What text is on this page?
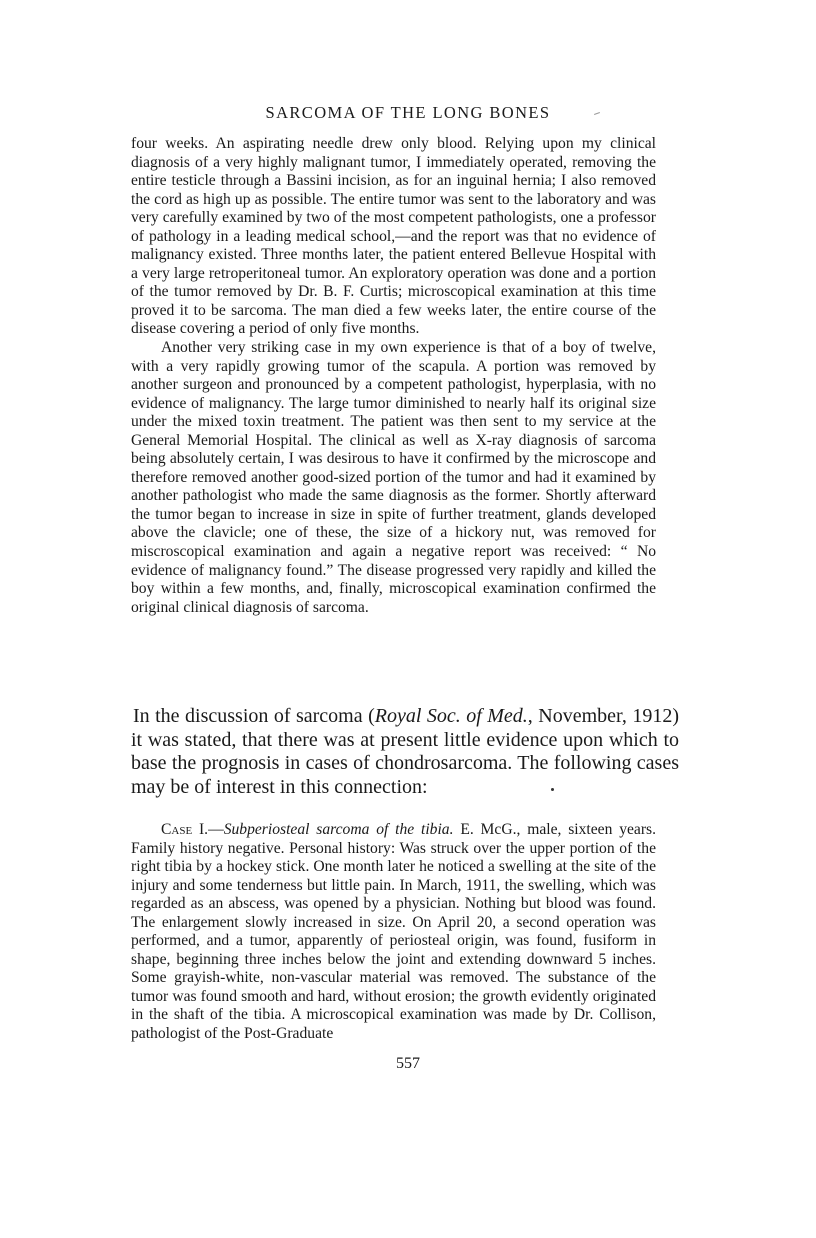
SARCOMA OF THE LONG BONES

four weeks. An aspirating needle drew only blood. Relying upon my clinical diagnosis of a very highly malignant tumor, I immediately operated, removing the entire testicle through a Bassini incision, as for an inguinal hernia; I also removed the cord as high up as possible. The entire tumor was sent to the laboratory and was very carefully examined by two of the most competent pathologists, one a professor of pathology in a leading medical school,—and the report was that no evidence of malignancy existed. Three months later, the patient entered Bellevue Hospital with a very large retroperitoneal tumor. An exploratory operation was done and a portion of the tumor removed by Dr. B. F. Curtis; microscopical examination at this time proved it to be sarcoma. The man died a few weeks later, the entire course of the disease covering a period of only five months.

Another very striking case in my own experience is that of a boy of twelve, with a very rapidly growing tumor of the scapula. A portion was removed by another surgeon and pronounced by a competent pathologist, hyperplasia, with no evidence of malignancy. The large tumor diminished to nearly half its original size under the mixed toxin treatment. The patient was then sent to my service at the General Memorial Hospital. The clinical as well as X-ray diagnosis of sarcoma being absolutely certain, I was desirous to have it confirmed by the microscope and therefore removed another good-sized portion of the tumor and had it examined by another pathologist who made the same diagnosis as the former. Shortly afterward the tumor began to increase in size in spite of further treatment, glands developed above the clavicle; one of these, the size of a hickory nut, was removed for miscroscopical examination and again a negative report was received: “ No evidence of malignancy found.” The disease progressed very rapidly and killed the boy within a few months, and, finally, microscopical examination confirmed the original clinical diagnosis of sarcoma.

In the discussion of sarcoma (Royal Soc. of Med., November, 1912) it was stated, that there was at present little evidence upon which to base the prognosis in cases of chondrosarcoma. The following cases may be of interest in this connection:

Case I.—Subperiosteal sarcoma of the tibia. E. McG., male, sixteen years. Family history negative. Personal history: Was struck over the upper portion of the right tibia by a hockey stick. One month later he noticed a swelling at the site of the injury and some tenderness but little pain. In March, 1911, the swelling, which was regarded as an abscess, was opened by a physician. Nothing but blood was found. The enlargement slowly increased in size. On April 20, a second operation was performed, and a tumor, apparently of periosteal origin, was found, fusiform in shape, beginning three inches below the joint and extending downward 5 inches. Some grayish-white, non-vascular material was removed. The substance of the tumor was found smooth and hard, without erosion; the growth evidently originated in the shaft of the tibia. A microscopical examination was made by Dr. Collison, pathologist of the Post-Graduate

557
